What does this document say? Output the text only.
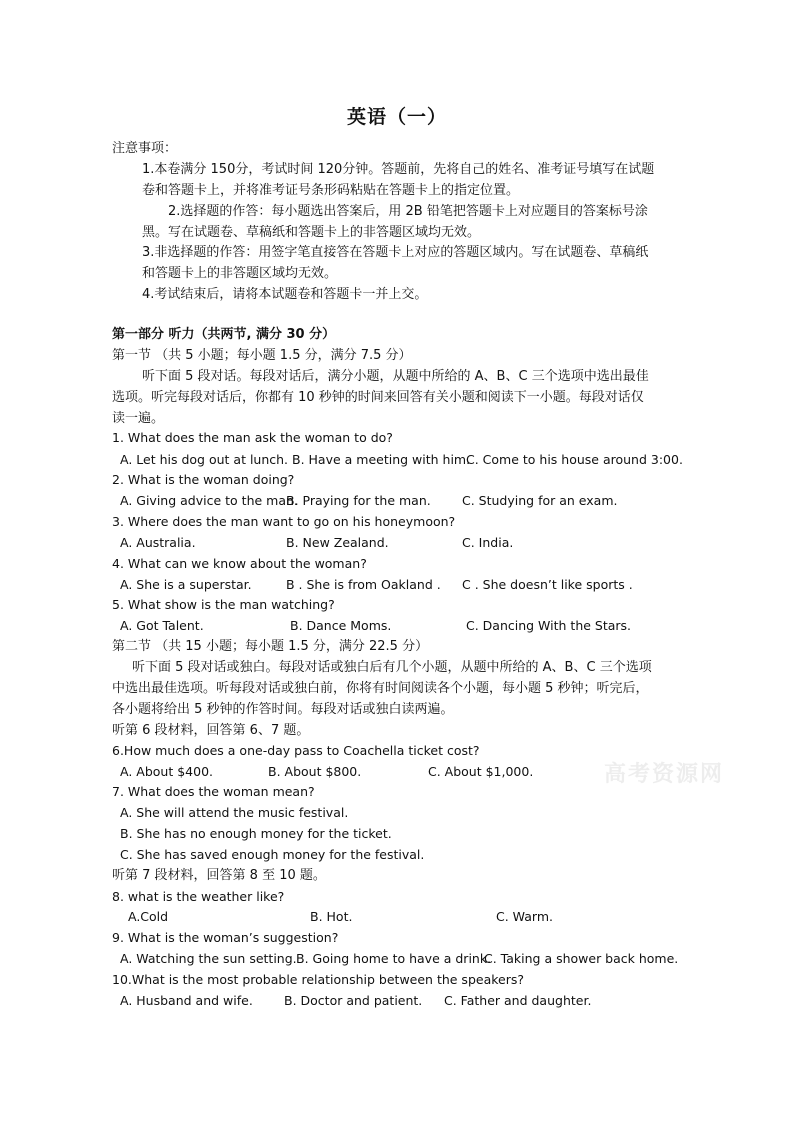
英语（一）
注意事项：
1.本卷满分 150分，考试时间 120分钟。答题前，先将自己的姓名、准考证号填写在试题
卷和答题卡上，并将准考证号条形码粘贴在答题卡上的指定位置。
2.选择题的作答：每小题选出答案后，用 2B 铅笔把答题卡上对应题目的答案标号涂
黑。写在试题卷、草稿纸和答题卡上的非答题区域均无效。
3.非选择题的作答：用签字笔直接答在答题卡上对应的答题区域内。写在试题卷、草稿纸
和答题卡上的非答题区域均无效。
4.考试结束后，请将本试题卷和答题卡一并上交。
第一部分 听力（共两节, 满分 30 分）
第一节 （共 5 小题；每小题 1.5 分，满分 7.5 分）
听下面 5 段对话。每段对话后，满分小题，从题中所给的 A、B、C 三个选项中选出最佳
选项。听完每段对话后，你都有 10 秒钟的时间来回答有关小题和阅读下一小题。每段对话仅
读一遍。
1. What does the man ask the woman to do?
A. Let his dog out at lunch. B. Have a meeting with him.
C. Come to his house around 3:00.
2. What is the woman doing?
A. Giving advice to the man.
B. Praying for the man.	C. Studying for an exam.
3. Where does the man want to go on his honeymoon?
A. Australia.	B. New Zealand.	C. India.
4. What can we know about the woman?
A. She is a superstar.	B . She is from Oakland . C . She doesn’t like sports .
5. What show is the man watching?
A. Got Talent.	B. Dance Moms.	C. Dancing With the Stars.
第二节 （共 15 小题；每小题 1.5 分，满分 22.5 分）
听下面 5 段对话或独白。每段对话或独白后有几个小题，从题中所给的 A、B、C 三个选项
中选出最佳选项。听每段对话或独白前，你将有时间阅读各个小题，每小题 5 秒钟；听完后，
各小题将给出 5 秒钟的作答时间。每段对话或独白读两遍。
听第 6 段材料，回答第 6、7 题。
6.How much does a one-day pass to Coachella ticket cost?
A. About $400.	B. About $800.	C. About $1,000.
7. What does the woman mean?
A. She will attend the music festival.
B. She has no enough money for the ticket.
C. She has saved enough money for the festival.
听第 7 段材料，回答第 8 至 10 题。
8. what is the weather like?
A.Cold	B. Hot.	C. Warm.
9. What is the woman’s suggestion?
A. Watching the sun setting. B. Going home to have a drink.
C. Taking a shower back home.
10.What is the most probable relationship between the speakers?
A. Husband and wife. B. Doctor and patient. C. Father and daughter.
高考资源网
